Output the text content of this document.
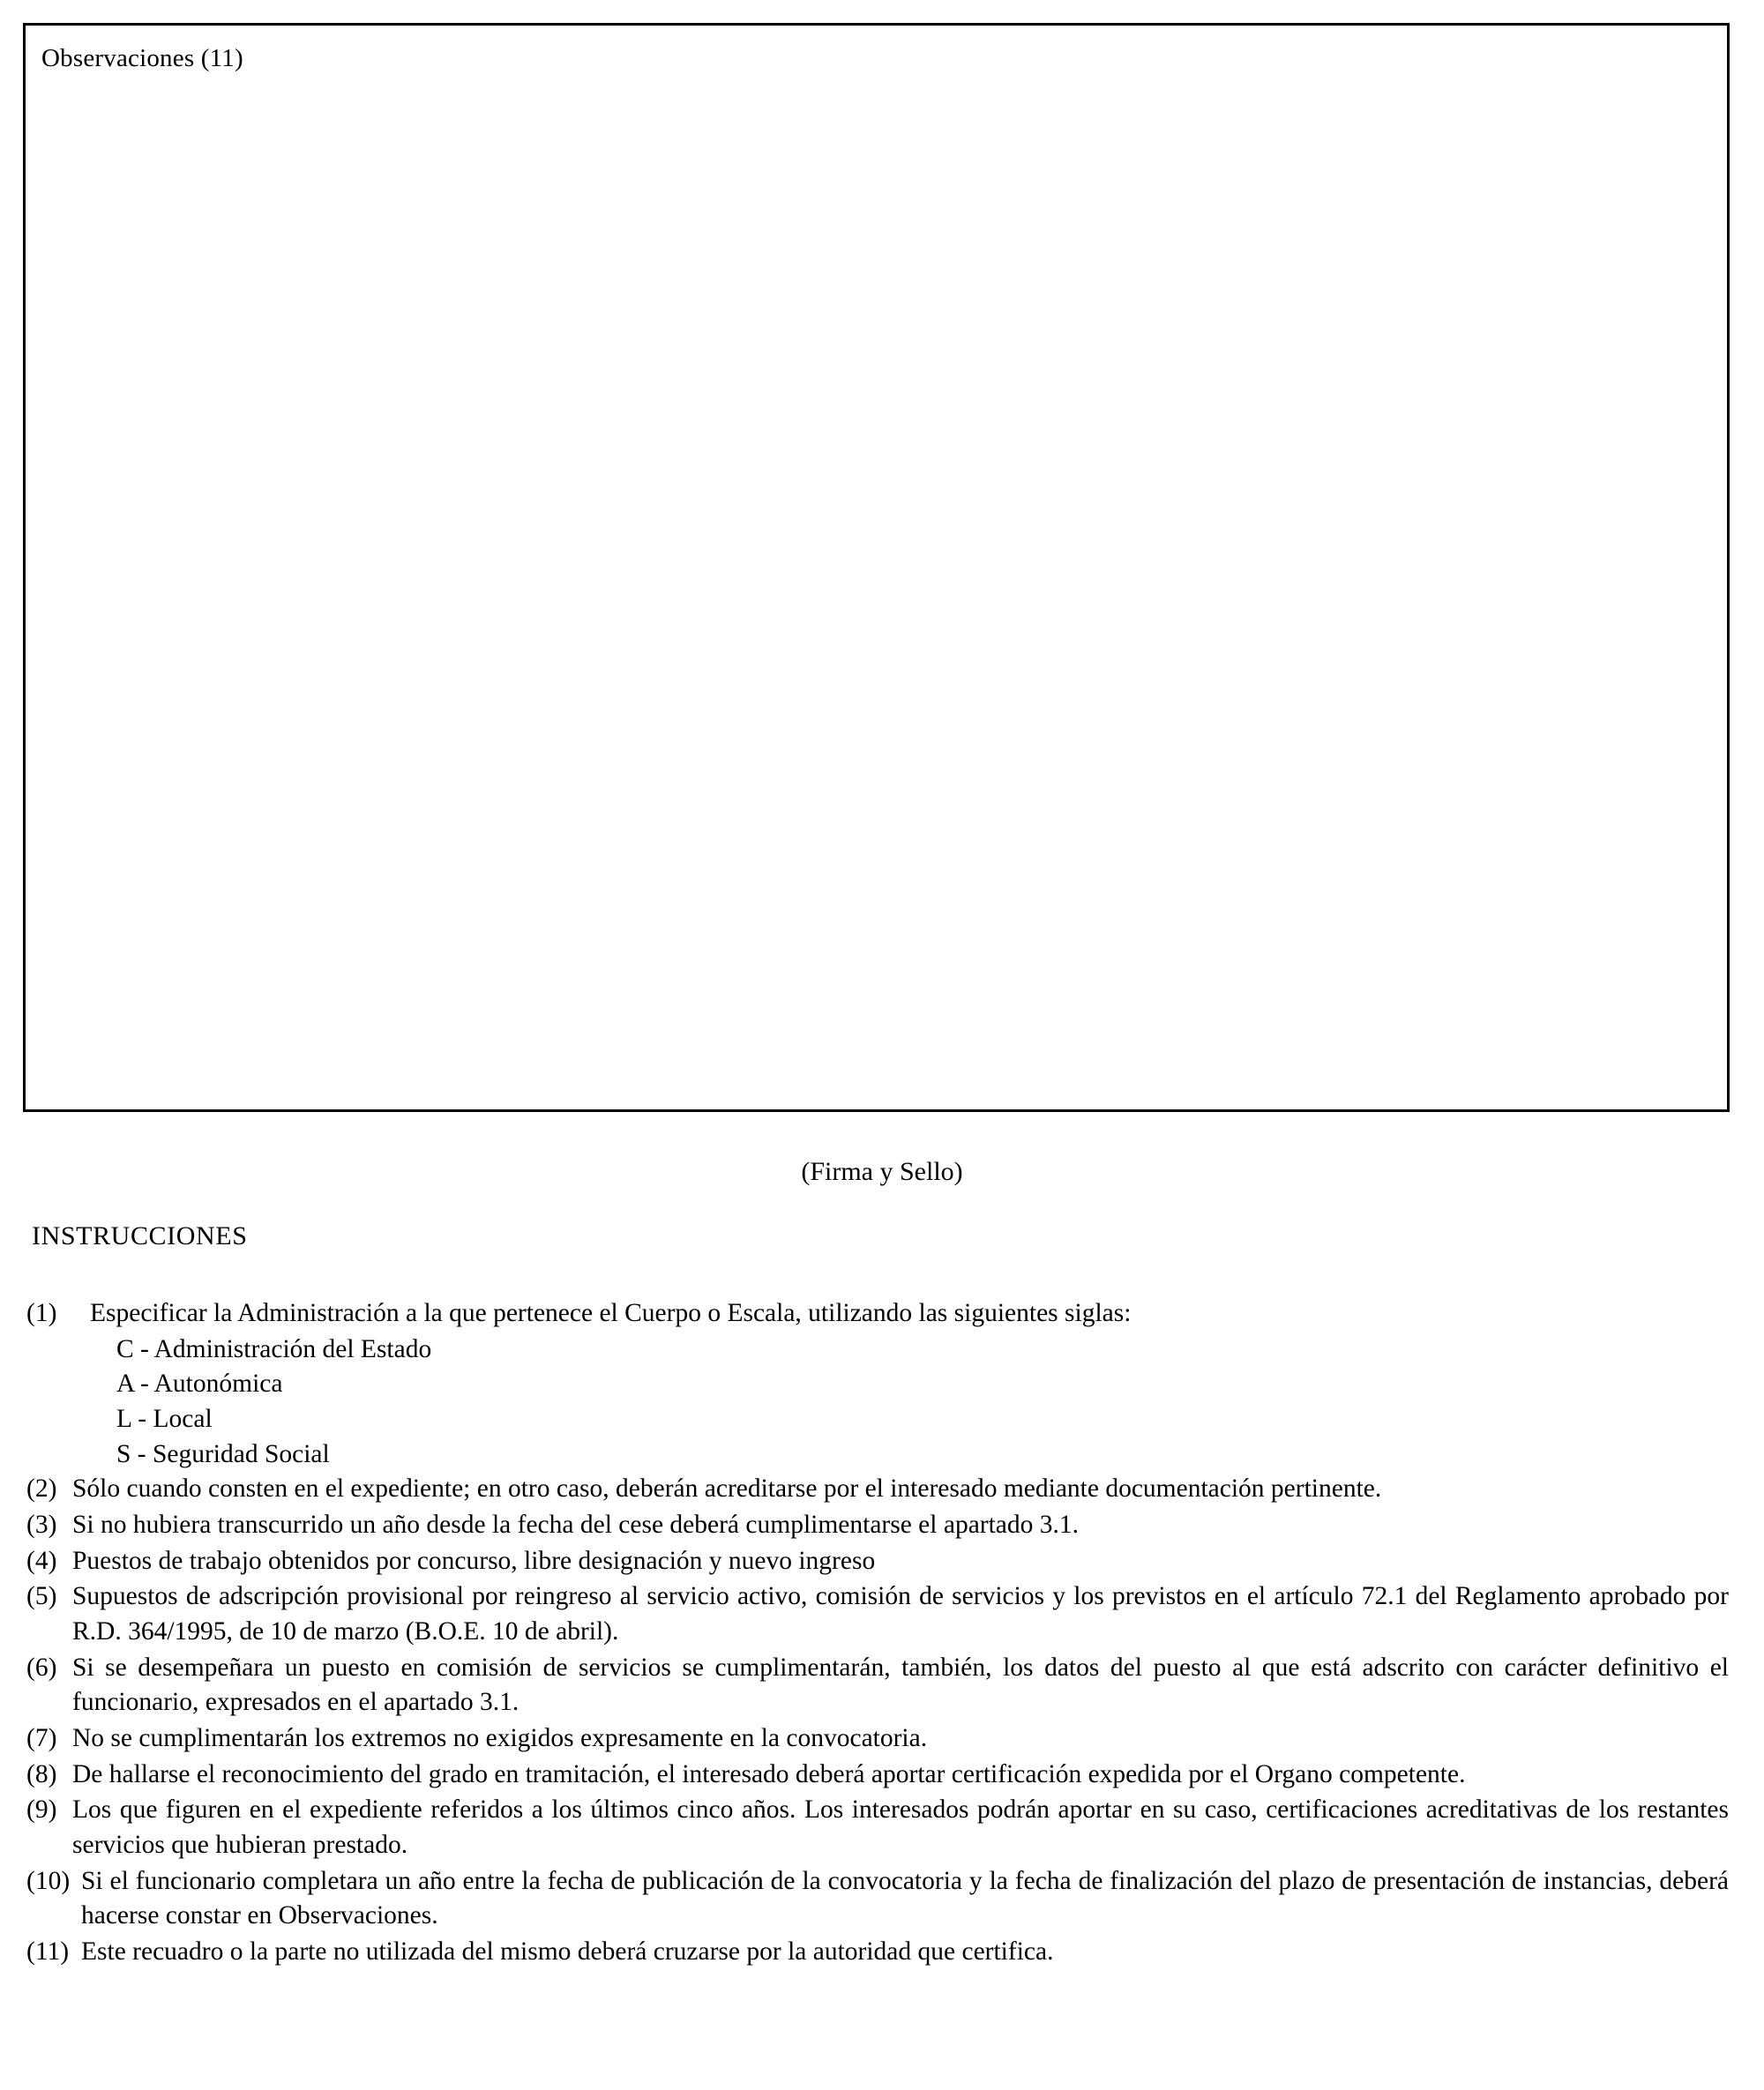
Observaciones (11)
(Firma y Sello)
INSTRUCCIONES
(1)	Especificar la Administración a la que pertenece el Cuerpo o Escala, utilizando las siguientes siglas:
C - Administración del Estado
A - Autonómica
L - Local
S - Seguridad Social
(2) Sólo cuando consten en el expediente; en otro caso, deberán acreditarse por el interesado mediante documentación pertinente.
(3) Si no hubiera transcurrido un año desde la fecha del cese deberá cumplimentarse el apartado 3.1.
(4) Puestos de trabajo obtenidos por concurso, libre designación y nuevo ingreso
(5) Supuestos de adscripción provisional por reingreso al servicio activo, comisión de servicios y los previstos en el artículo 72.1 del Reglamento aprobado por R.D. 364/1995, de 10 de marzo (B.O.E. 10 de abril).
(6) Si se desempeñara un puesto en comisión de servicios se cumplimentarán, también, los datos del puesto al que está adscrito con carácter definitivo el funcionario, expresados en el apartado 3.1.
(7) No se cumplimentarán los extremos no exigidos expresamente en la convocatoria.
(8) De hallarse el reconocimiento del grado en tramitación, el interesado deberá aportar certificación expedida por el Organo competente.
(9) Los que figuren en el expediente referidos a los últimos cinco años. Los interesados podrán aportar en su caso, certificaciones acreditativas de los restantes servicios que hubieran prestado.
(10) Si el funcionario completara un año entre la fecha de publicación de la convocatoria y la fecha de finalización del plazo de presentación de instancias, deberá hacerse constar en Observaciones.
(11) Este recuadro o la parte no utilizada del mismo deberá cruzarse por la autoridad que certifica.
